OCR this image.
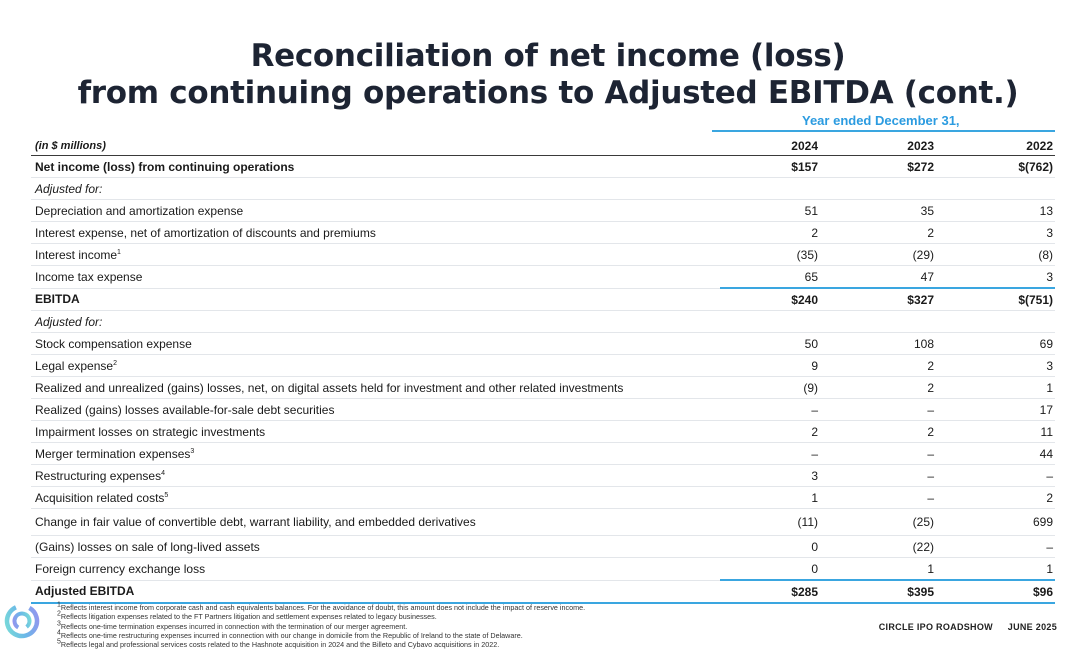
Reconciliation of net income (loss)
from continuing operations to Adjusted EBITDA (cont.)
Year ended December 31,
(in $ millions)	2024	2023	2022
Net income (loss) from continuing operations	$157	$272	$(762)
Adjusted for:			
Depreciation and amortization expense	51	35	13
Interest expense, net of amortization of discounts and premiums	2	2	3
Interest income$^1$	(35)	(29)	(8)
Income tax expense	65	47	3
EBITDA	$240	$327	$(751)
Adjusted for:			
Stock compensation expense	50	108	69
Legal expense$^2$	9	2	3
Realized and unrealized (gains) losses, net, on digital assets held for investment and other related investments	(9)	2	1
Realized (gains) losses available-for-sale debt securities	–	–	17
Impairment losses on strategic investments	2	2	11
Merger termination expenses$^3$	–	–	44
Restructuring expenses$^4$	3	–	–
Acquisition related costs$^5$	1	–	2
Change in fair value of convertible debt, warrant liability, and embedded derivatives	(11)	(25)	699
(Gains) losses on sale of long-lived assets	0	(22)	–
Foreign currency exchange loss	0	1	1
Adjusted EBITDA	$285	$395	$96
$^1$Reflects interest income from corporate cash and cash equivalents balances. For the avoidance of doubt, this amount does not include the impact of reserve income.
$^2$Reflects litigation expenses related to the FT Partners litigation and settlement expenses related to legacy businesses.
$^3$Reflects one-time termination expenses incurred in connection with the termination of our merger agreement.
$^4$Reflects one-time restructuring expenses incurred in connection with our change in domicile from the Republic of Ireland to the state of Delaware.
$^5$Reflects legal and professional services costs related to the Hashnote acquisition in 2024 and the Billeto and Cybavo acquisitions in 2022.
CIRCLE IPO ROADSHOW JUNE 2025
